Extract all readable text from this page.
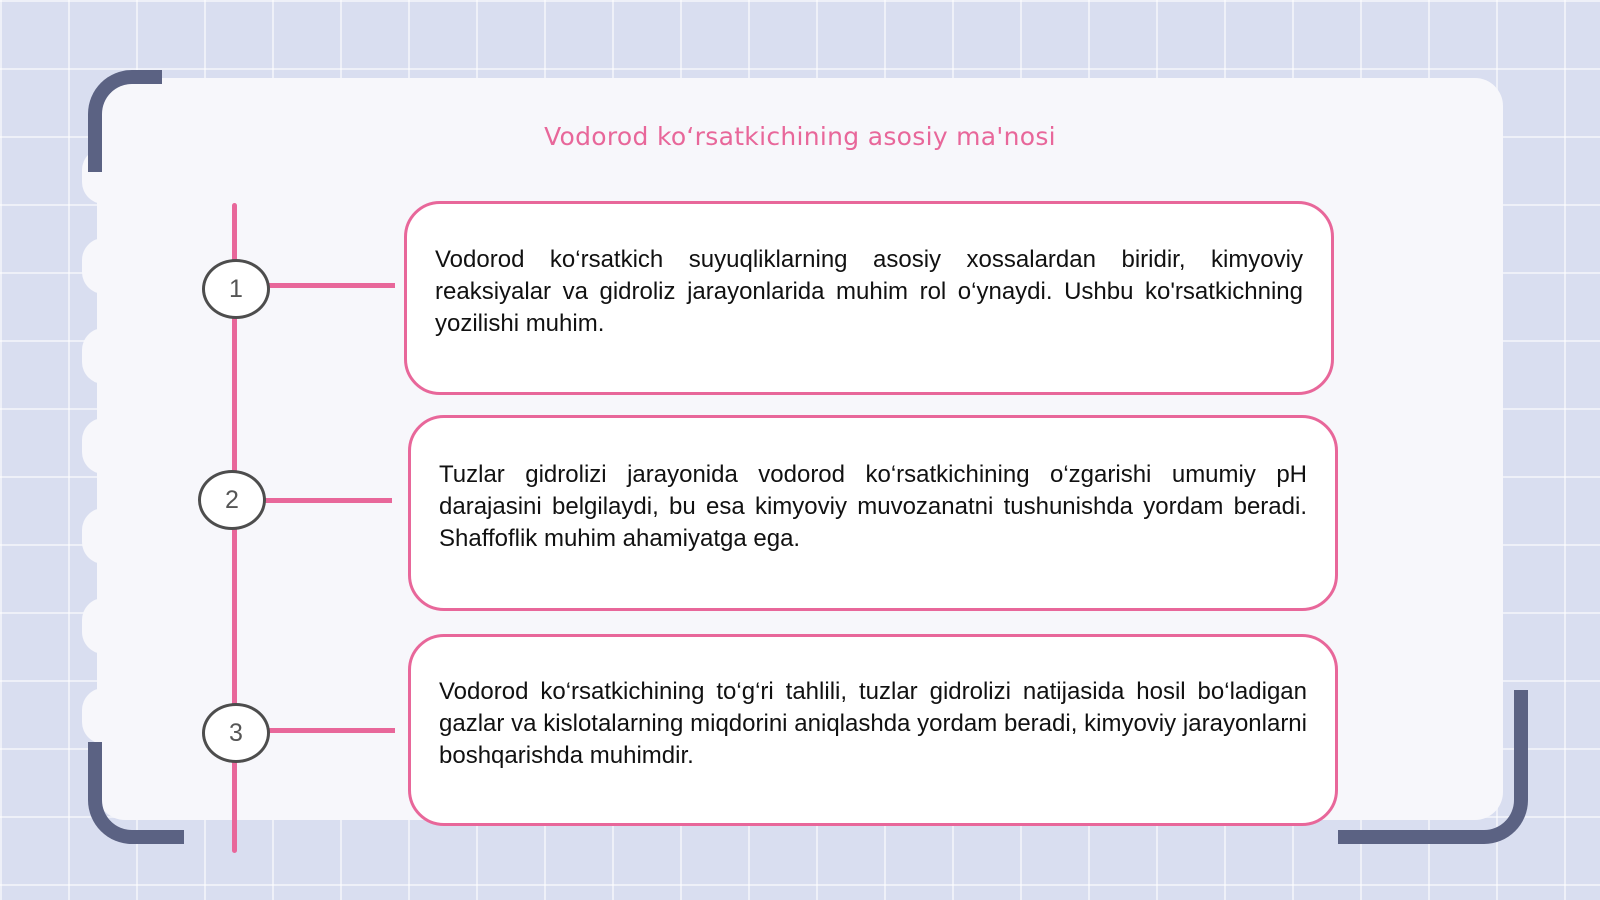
Vodorod koʻrsatkichining asosiy ma'nosi
1
Vodorod ko‘rsatkich suyuqliklarning asosiy xossalardan biridir, kimyoviy reaksiyalar va gidroliz jarayonlarida muhim rol o‘ynaydi. Ushbu ko'rsatkichning yozilishi muhim.
2
Tuzlar gidrolizi jarayonida vodorod ko‘rsatkichining o‘zgarishi umumiy pH darajasini belgilaydi, bu esa kimyoviy muvozanatni tushunishda yordam beradi. Shaffoflik muhim ahamiyatga ega.
3
Vodorod ko‘rsatkichining to‘g‘ri tahlili, tuzlar gidrolizi natijasida hosil bo‘ladigan gazlar va kislotalarning miqdorini aniqlashda yordam beradi, kimyoviy jarayonlarni boshqarishda muhimdir.
